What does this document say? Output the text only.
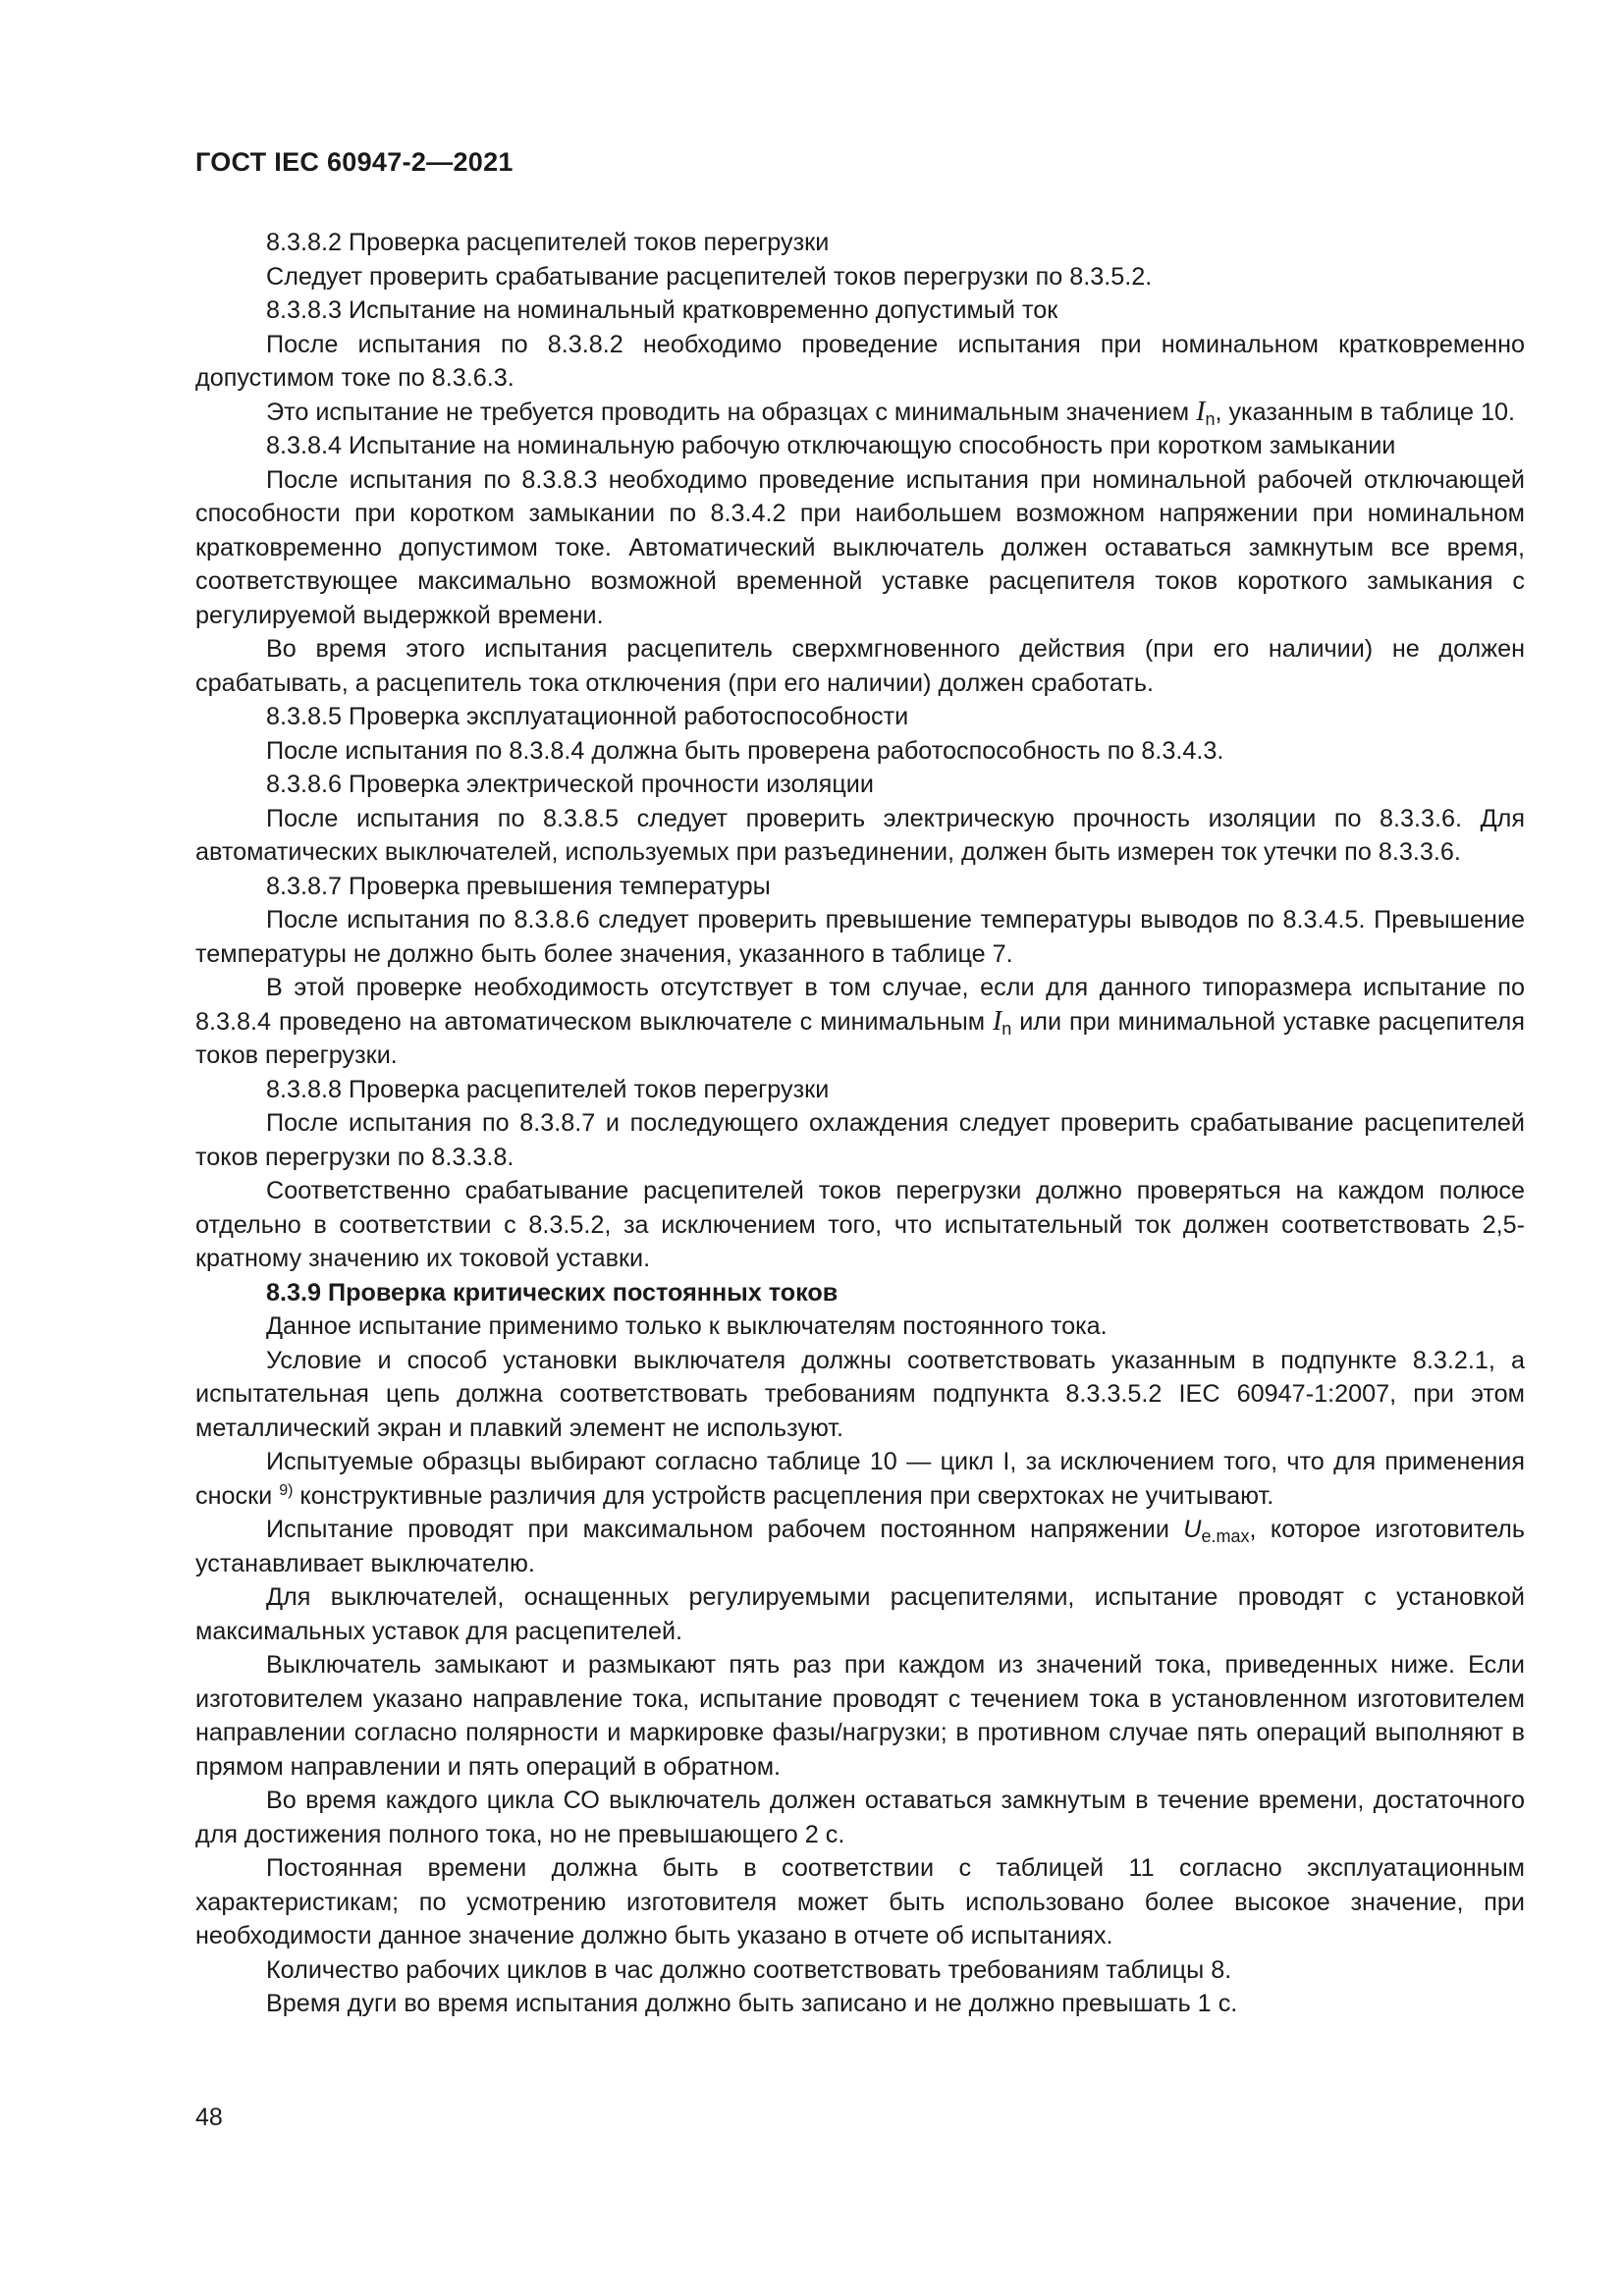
ГОСТ IEC 60947-2—2021

8.3.8.2 Проверка расцепителей токов перегрузки

Следует проверить срабатывание расцепителей токов перегрузки по 8.3.5.2.

8.3.8.3 Испытание на номинальный кратковременно допустимый ток

После испытания по 8.3.8.2 необходимо проведение испытания при номинальном кратковременно допустимом токе по 8.3.6.3.

Это испытание не требуется проводить на образцах с минимальным значением $I_n$, указанным в таблице 10.

8.3.8.4 Испытание на номинальную рабочую отключающую способность при коротком замыкании

После испытания по 8.3.8.3 необходимо проведение испытания при номинальной рабочей отключающей способности при коротком замыкании по 8.3.4.2 при наибольшем возможном напряжении при номинальном кратковременно допустимом токе. Автоматический выключатель должен оставаться замкнутым все время, соответствующее максимально возможной временной уставке расцепителя токов короткого замыкания с регулируемой выдержкой времени.

Во время этого испытания расцепитель сверхмгновенного действия (при его наличии) не должен срабатывать, а расцепитель тока отключения (при его наличии) должен сработать.

8.3.8.5 Проверка эксплуатационной работоспособности

После испытания по 8.3.8.4 должна быть проверена работоспособность по 8.3.4.3.

8.3.8.6 Проверка электрической прочности изоляции

После испытания по 8.3.8.5 следует проверить электрическую прочность изоляции по 8.3.3.6. Для автоматических выключателей, используемых при разъединении, должен быть измерен ток утечки по 8.3.3.6.

8.3.8.7 Проверка превышения температуры

После испытания по 8.3.8.6 следует проверить превышение температуры выводов по 8.3.4.5. Превышение температуры не должно быть более значения, указанного в таблице 7.

В этой проверке необходимость отсутствует в том случае, если для данного типоразмера испытание по 8.3.8.4 проведено на автоматическом выключателе с минимальным $I_n$ или при минимальной уставке расцепителя токов перегрузки.

8.3.8.8 Проверка расцепителей токов перегрузки

После испытания по 8.3.8.7 и последующего охлаждения следует проверить срабатывание расцепителей токов перегрузки по 8.3.3.8.

Соответственно срабатывание расцепителей токов перегрузки должно проверяться на каждом полюсе отдельно в соответствии с 8.3.5.2, за исключением того, что испытательный ток должен соответствовать 2,5-кратному значению их токовой уставки.

8.3.9 Проверка критических постоянных токов

Данное испытание применимо только к выключателям постоянного тока.

Условие и способ установки выключателя должны соответствовать указанным в подпункте 8.3.2.1, а испытательная цепь должна соответствовать требованиям подпункта 8.3.3.5.2 IEC 60947-1:2007, при этом металлический экран и плавкий элемент не используют.

Испытуемые образцы выбирают согласно таблице 10 — цикл I, за исключением того, что для применения сноски $^{9)}$ конструктивные различия для устройств расцепления при сверхтоках не учитывают.

Испытание проводят при максимальном рабочем постоянном напряжении $U_{e.max}$, которое изготовитель устанавливает выключателю.

Для выключателей, оснащенных регулируемыми расцепителями, испытание проводят с установкой максимальных уставок для расцепителей.

Выключатель замыкают и размыкают пять раз при каждом из значений тока, приведенных ниже. Если изготовителем указано направление тока, испытание проводят с течением тока в установленном изготовителем направлении согласно полярности и маркировке фазы/нагрузки; в противном случае пять операций выполняют в прямом направлении и пять операций в обратном.

Во время каждого цикла СО выключатель должен оставаться замкнутым в течение времени, достаточного для достижения полного тока, но не превышающего 2 с.

Постоянная времени должна быть в соответствии с таблицей 11 согласно эксплуатационным характеристикам; по усмотрению изготовителя может быть использовано более высокое значение, при необходимости данное значение должно быть указано в отчете об испытаниях.

Количество рабочих циклов в час должно соответствовать требованиям таблицы 8.

Время дуги во время испытания должно быть записано и не должно превышать 1 с.

48
